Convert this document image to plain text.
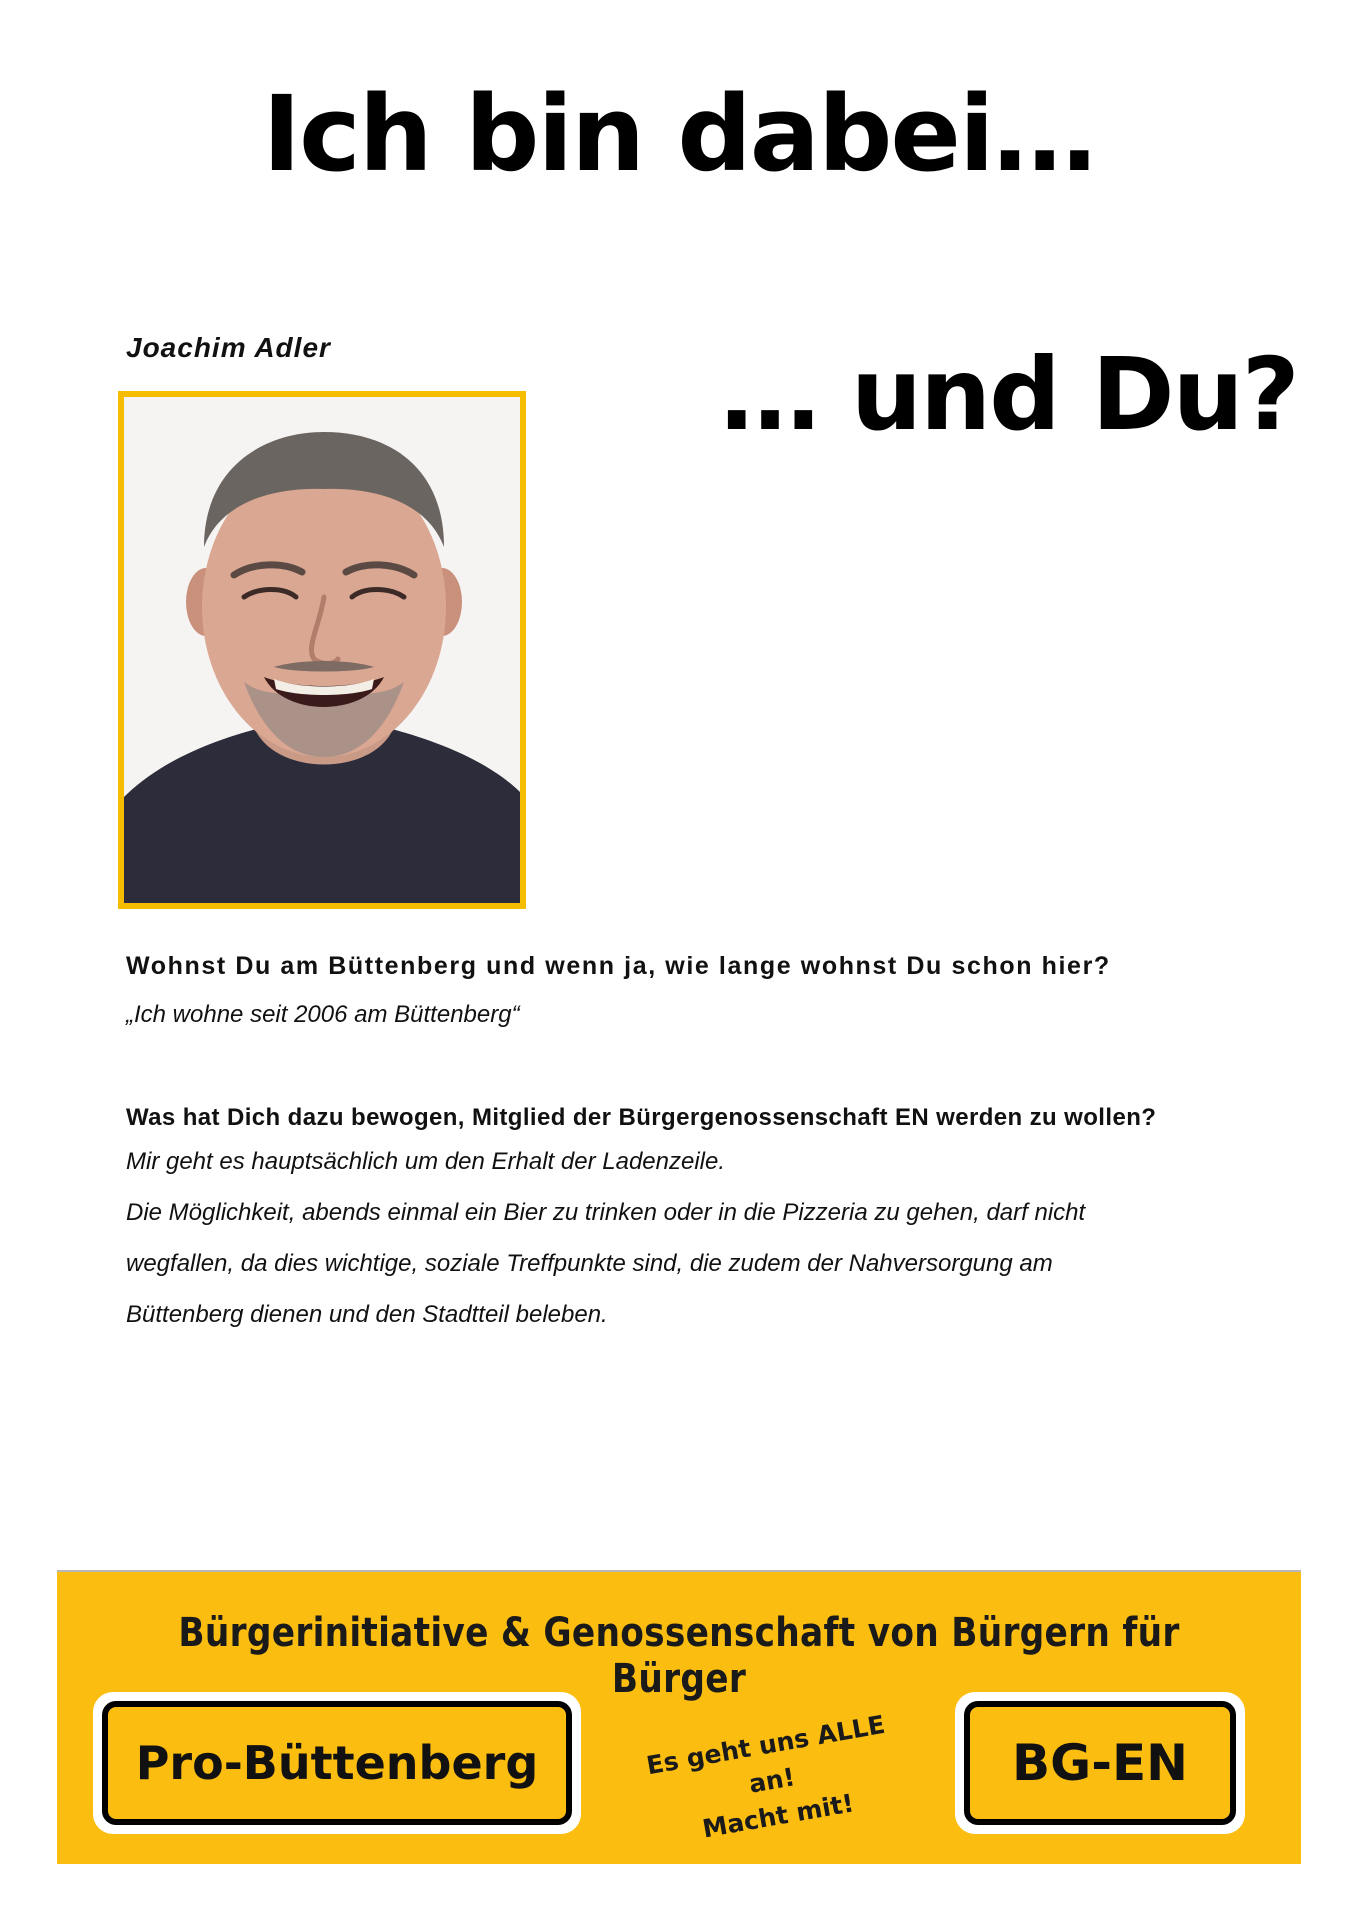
Ich bin dabei…
Joachim Adler	… und Du?
Wohnst Du am Büttenberg und wenn ja, wie lange wohnst Du schon hier?
„Ich wohne seit 2006 am Büttenberg“
Was hat Dich dazu bewogen, Mitglied der Bürgergenossenschaft EN werden zu wollen?
Mir geht es hauptsächlich um den Erhalt der Ladenzeile.
Die Möglichkeit, abends einmal ein Bier zu trinken oder in die Pizzeria zu gehen, darf nicht
wegfallen, da dies wichtige, soziale Treffpunkte sind, die zudem der Nahversorgung am
Büttenberg dienen und den Stadtteil beleben.
Bürgerinitiative & Genossenschaft von Bürgern für Bürger
Pro-Büttenberg	Es geht uns ALLE an!
Macht mit!
BG-EN
